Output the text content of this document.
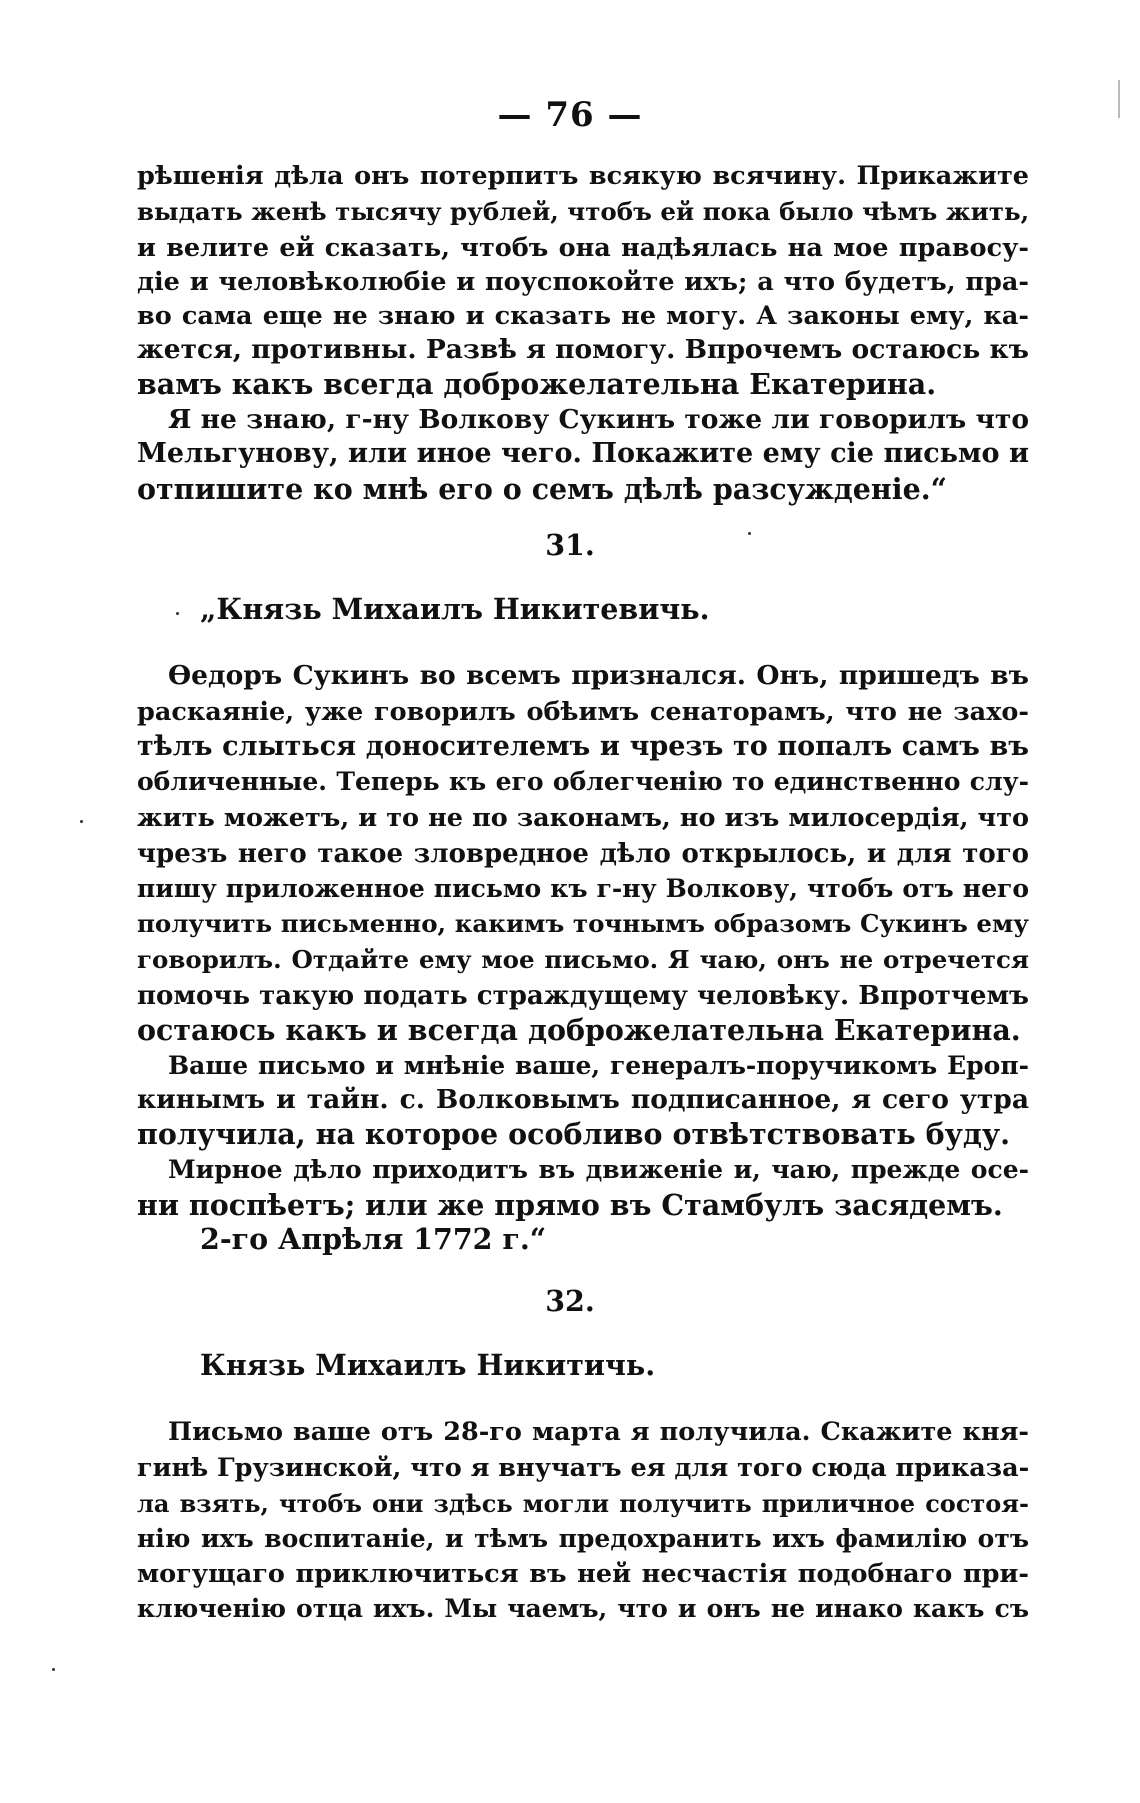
— 76 —
рѣшенія дѣла онъ потерпитъ всякую всячину. Прикажите
выдать женѣ тысячу рублей, чтобъ ей пока было чѣмъ жить,
и велите ей сказать, чтобъ она надѣялась на мое правосу-
діе и человѣколюбіе и поуспокойте ихъ; а что будетъ, пра-
во сама еще не знаю и сказать не могу. А законы ему, ка-
жется, противны. Развѣ я помогу. Впрочемъ остаюсь къ
вамъ какъ всегда доброжелательна Екатерина.
Я не знаю, г-ну Волкову Сукинъ тоже ли говорилъ что
Мельгунову, или иное чего. Покажите ему сіе письмо и
отпишите ко мнѣ его о семъ дѣлѣ разсужденіе.“
31.
„Князь Михаилъ Никитевичь.
Ѳедоръ Сукинъ во всемъ признался. Онъ, пришедъ въ
раскаяніе, уже говорилъ обѣимъ сенаторамъ, что не захо-
тѣлъ слыться доносителемъ и чрезъ то попалъ самъ въ
обличенные. Теперь къ его облегченію то единственно слу-
жить можетъ, и то не по законамъ, но изъ милосердія, что
чрезъ него такое зловредное дѣло открылось, и для того
пишу приложенное письмо къ г-ну Волкову, чтобъ отъ него
получить письменно, какимъ точнымъ образомъ Сукинъ ему
говорилъ. Отдайте ему мое письмо. Я чаю, онъ не отречется
помочь такую подать страждущему человѣку. Впротчемъ
остаюсь какъ и всегда доброжелательна Екатерина.
Ваше письмо и мнѣніе ваше, генералъ-поручикомъ Ероп-
кинымъ и тайн. с. Волковымъ подписанное, я сего утра
получила, на которое особливо отвѣтствовать буду.
Мирное дѣло приходитъ въ движеніе и, чаю, прежде осе-
ни поспѣетъ; или же прямо въ Стамбулъ засядемъ.
2-го Апрѣля 1772 г.“
32.
Князь Михаилъ Никитичь.
Письмо ваше отъ 28-го марта я получила. Скажите кня-
гинѣ Грузинской, что я внучатъ ея для того сюда приказа-
ла взять, чтобъ они здѣсь могли получить приличное состоя-
нію ихъ воспитаніе, и тѣмъ предохранить ихъ фамилію отъ
могущаго приключиться въ ней несчастія подобнаго при-
ключенію отца ихъ. Мы чаемъ, что и онъ не инако какъ съ
